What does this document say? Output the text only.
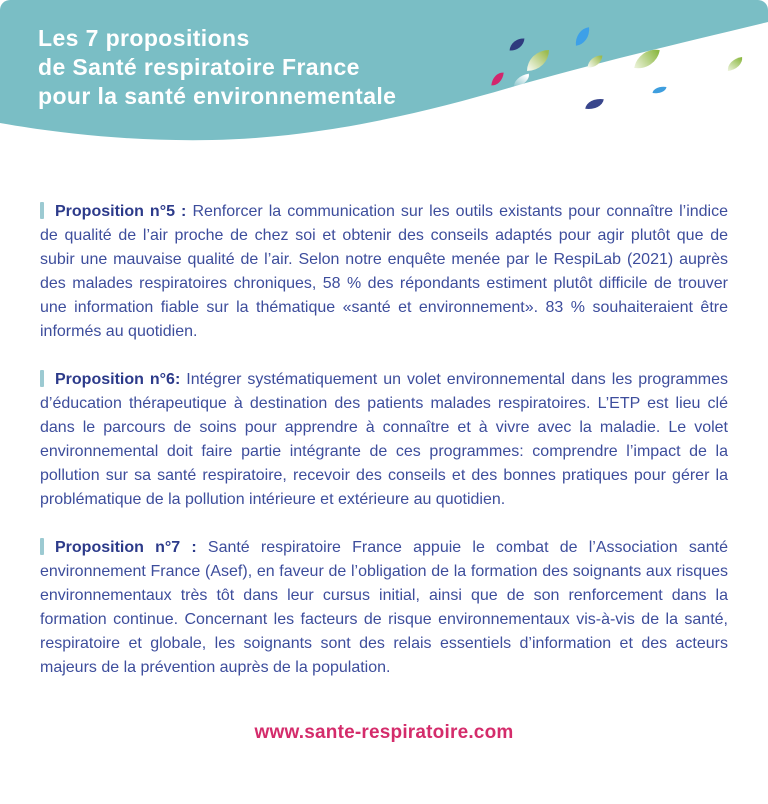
Les 7 propositions
de Santé respiratoire France
pour la santé environnementale

Proposition n°5 : Renforcer la communication sur les outils existants pour connaître l’indice de qualité de l’air proche de chez soi et obtenir des conseils adaptés pour agir plutôt que de subir une mauvaise qualité de l’air. Selon notre enquête menée par le RespiLab (2021) auprès des malades respiratoires chroniques, 58 % des répondants estiment plutôt difficile de trouver une information fiable sur la thématique «santé et environnement». 83 % souhaiteraient être informés au quotidien.

Proposition n°6: Intégrer systématiquement un volet environnemental dans les programmes d’éducation thérapeutique à destination des patients malades respiratoires. L’ETP est lieu clé dans le parcours de soins pour apprendre à connaître et à vivre avec la maladie. Le volet environnemental doit faire partie intégrante de ces programmes: comprendre l’impact de la pollution sur sa santé respiratoire, recevoir des conseils et des bonnes pratiques pour gérer la problématique de la pollution intérieure et extérieure au quotidien.

Proposition n°7 : Santé respiratoire France appuie le combat de l’Association santé environnement France (Asef), en faveur de l’obligation de la formation des soignants aux risques environnementaux très tôt dans leur cursus initial, ainsi que de son renforcement dans la formation continue. Concernant les facteurs de risque environnementaux vis-à-vis de la santé, respiratoire et globale, les soignants sont des relais essentiels d’information et des acteurs majeurs de la prévention auprès de la population.

www.sante-respiratoire.com
